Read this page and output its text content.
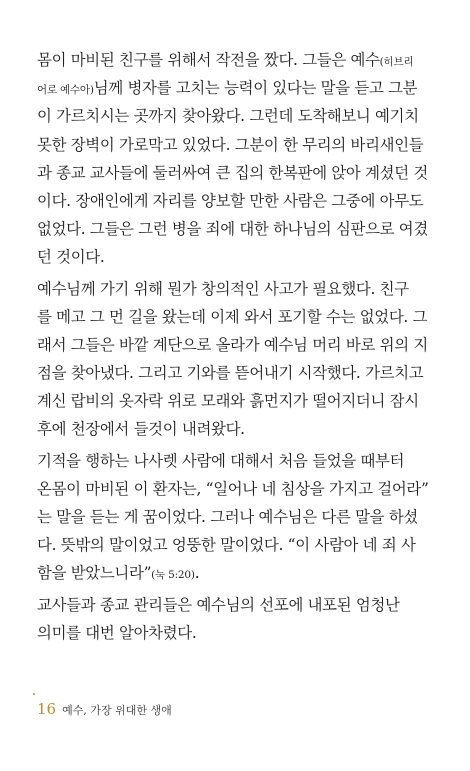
몸이 마비된 친구를 위해서 작전을 짰다. 그들은 예수(히브리
어로 예수아)님께 병자를 고치는 능력이 있다는 말을 듣고 그분
이 가르치시는 곳까지 찾아왔다. 그런데 도착해보니 예기치
못한 장벽이 가로막고 있었다. 그분이 한 무리의 바리새인들
과 종교 교사들에 둘러싸여 큰 집의 한복판에 앉아 계셨던 것
이다. 장애인에게 자리를 양보할 만한 사람은 그중에 아무도
없었다. 그들은 그런 병을 죄에 대한 하나님의 심판으로 여겼
던 것이다.
예수님께 가기 위해 뭔가 창의적인 사고가 필요했다. 친구
를 메고 그 먼 길을 왔는데 이제 와서 포기할 수는 없었다. 그
래서 그들은 바깥 계단으로 올라가 예수님 머리 바로 위의 지
점을 찾아냈다. 그리고 기와를 뜯어내기 시작했다. 가르치고
계신 랍비의 옷자락 위로 모래와 흙먼지가 떨어지더니 잠시
후에 천장에서 들것이 내려왔다.
기적을 행하는 나사렛 사람에 대해서 처음 들었을 때부터
온몸이 마비된 이 환자는, “일어나 네 침상을 가지고 걸어라”
는 말을 듣는 게 꿈이었다. 그러나 예수님은 다른 말을 하셨
다. 뜻밖의 말이었고 엉뚱한 말이었다. “이 사람아 네 죄 사
함을 받았느니라”(눅 5:20).
교사들과 종교 관리들은 예수님의 선포에 내포된 엄청난
의미를 대번 알아차렸다.
16 예수, 가장 위대한 생애
